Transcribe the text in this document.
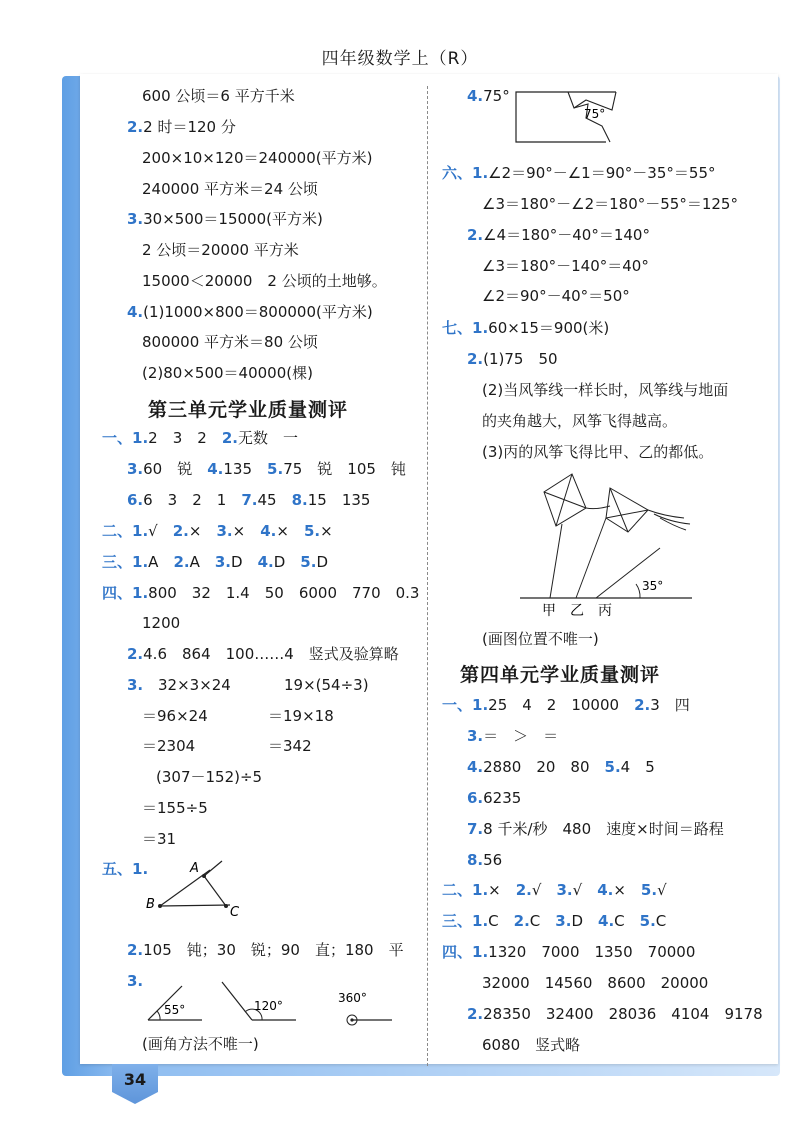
四年级数学上（R）
600 公顷＝6 平方千米
2.2 时＝120 分
200×10×120＝240000(平方米)
240000 平方米＝24 公顷
3.30×500＝15000(平方米)
2 公顷＝20000 平方米
15000＜20000　2 公顷的土地够。
4.(1)1000×800＝800000(平方米)
800000 平方米＝80 公顷
(2)80×500＝40000(棵)
第三单元学业质量测评
一、1.2　3　2　 2.无数　一
3.60　锐　 4.135　 5.75　锐　105　钝
6.6　3　2　1　 7.45　 8.15　135
二、1.√　 2.×　 3.×　 4.×　 5.×
三、1.A　 2.A　 3.D　 4.D　 5.D
四、1.800　32　1.4　50　6000　770　0.3
1200
2.4.6　864　100……4　竖式及验算略
3. 32×3×24	19×(54÷3)
＝96×24	＝19×18
＝2304	＝342
(307－152)÷5
＝155÷5
＝31
五、1.	A
B
C
2.105　钝；30　锐；90　直；180　平
3.
55°	120°
360°
(画角方法不唯一)
4.75°
75°
六、1.∠2＝90°－∠1＝90°－35°＝55°
∠3＝180°－∠2＝180°－55°＝125°
2.∠4＝180°－40°＝140°
∠3＝180°－140°＝40°
∠2＝90°－40°＝50°
七、1.60×15＝900(米)
2.(1)75　50
(2)当风筝线一样长时，风筝线与地面
的夹角越大，风筝飞得越高。
(3)丙的风筝飞得比甲、乙的都低。
35°
甲　乙　丙
(画图位置不唯一)
第四单元学业质量测评
一、1.25　4　2　10000　 2.3　四
3.＝　＞　＝
4.2880　20　80　 5.4　5
6.6235
7.8 千米/秒　480　速度×时间＝路程
8.56
二、1.×　 2.√　 3.√　 4.×　 5.√
三、1.C　 2.C　 3.D　 4.C　 5.C
四、1.1320　7000　1350　70000
32000　14560　8600　20000
2.28350　32400　28036　4104　9178
6080　竖式略
34
